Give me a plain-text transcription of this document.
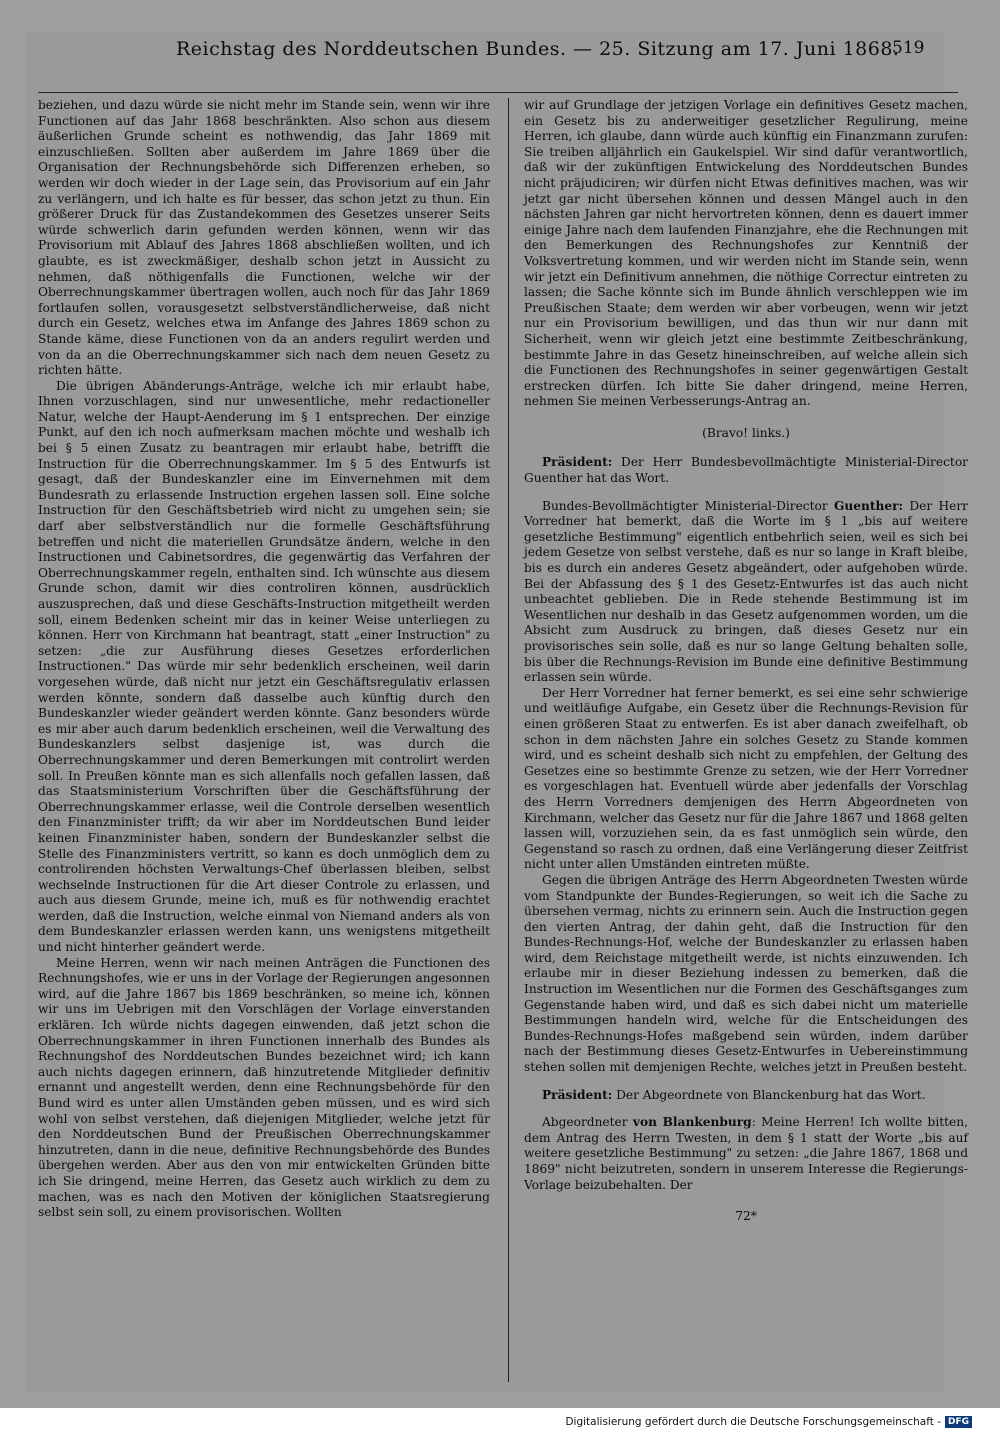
Reichstag des Norddeutschen Bundes. — 25. Sitzung am 17. Juni 1868.
519

beziehen, und dazu würde sie nicht mehr im Stande sein, wenn wir ihre Functionen auf das Jahr 1868 beschränkten. Also schon aus diesem äußerlichen Grunde scheint es nothwendig, das Jahr 1869 mit einzuschließen. Sollten aber außerdem im Jahre 1869 über die Organisation der Rechnungsbehörde sich Differenzen erheben, so werden wir doch wieder in der Lage sein, das Provisorium auf ein Jahr zu verlängern, und ich halte es für besser, das schon jetzt zu thun. Ein größerer Druck für das Zustandekommen des Gesetzes unserer Seits würde schwerlich darin gefunden werden können, wenn wir das Provisorium mit Ablauf des Jahres 1868 abschließen wollten, und ich glaubte, es ist zweckmäßiger, deshalb schon jetzt in Aussicht zu nehmen, daß nöthigenfalls die Functionen, welche wir der Oberrechnungskammer übertragen wollen, auch noch für das Jahr 1869 fortlaufen sollen, vorausgesetzt selbstverständlicherweise, daß nicht durch ein Gesetz, welches etwa im Anfange des Jahres 1869 schon zu Stande käme, diese Functionen von da an anders regulirt werden und von da an die Oberrechnungskammer sich nach dem neuen Gesetz zu richten hätte.

Die übrigen Abänderungs-Anträge, welche ich mir erlaubt habe, Ihnen vorzuschlagen, sind nur unwesentliche, mehr redactioneller Natur, welche der Haupt-Aenderung im § 1 entsprechen. Der einzige Punkt, auf den ich noch aufmerksam machen möchte und weshalb ich bei § 5 einen Zusatz zu beantragen mir erlaubt habe, betrifft die Instruction für die Oberrechnungskammer. Im § 5 des Entwurfs ist gesagt, daß der Bundeskanzler eine im Einvernehmen mit dem Bundesrath zu erlassende Instruction ergehen lassen soll. Eine solche Instruction für den Geschäftsbetrieb wird nicht zu umgehen sein; sie darf aber selbstverständlich nur die formelle Geschäftsführung betreffen und nicht die materiellen Grundsätze ändern, welche in den Instructionen und Cabinetsordres, die gegenwärtig das Verfahren der Oberrechnungskammer regeln, enthalten sind. Ich wünschte aus diesem Grunde schon, damit wir dies controliren können, ausdrücklich auszusprechen, daß und diese Geschäfts-Instruction mitgetheilt werden soll, einem Bedenken scheint mir das in keiner Weise unterliegen zu können. Herr von Kirchmann hat beantragt, statt „einer Instruction" zu setzen: „die zur Ausführung dieses Gesetzes erforderlichen Instructionen." Das würde mir sehr bedenklich erscheinen, weil darin vorgesehen würde, daß nicht nur jetzt ein Geschäftsregulativ erlassen werden könnte, sondern daß dasselbe auch künftig durch den Bundeskanzler wieder geändert werden könnte. Ganz besonders würde es mir aber auch darum bedenklich erscheinen, weil die Verwaltung des Bundeskanzlers selbst dasjenige ist, was durch die Oberrechnungskammer und deren Bemerkungen mit controlirt werden soll. In Preußen könnte man es sich allenfalls noch gefallen lassen, daß das Staatsministerium Vorschriften über die Geschäftsführung der Oberrechnungskammer erlasse, weil die Controle derselben wesentlich den Finanzminister trifft; da wir aber im Norddeutschen Bund leider keinen Finanzminister haben, sondern der Bundeskanzler selbst die Stelle des Finanzministers vertritt, so kann es doch unmöglich dem zu controlirenden höchsten Verwaltungs-Chef überlassen bleiben, selbst wechselnde Instructionen für die Art dieser Controle zu erlassen, und auch aus diesem Grunde, meine ich, muß es für nothwendig erachtet werden, daß die Instruction, welche einmal von Niemand anders als von dem Bundeskanzler erlassen werden kann, uns wenigstens mitgetheilt und nicht hinterher geändert werde.

Meine Herren, wenn wir nach meinen Anträgen die Functionen des Rechnungshofes, wie er uns in der Vorlage der Regierungen angesonnen wird, auf die Jahre 1867 bis 1869 beschränken, so meine ich, können wir uns im Uebrigen mit den Vorschlägen der Vorlage einverstanden erklären. Ich würde nichts dagegen einwenden, daß jetzt schon die Oberrechnungskammer in ihren Functionen innerhalb des Bundes als Rechnungshof des Norddeutschen Bundes bezeichnet wird; ich kann auch nichts dagegen erinnern, daß hinzutretende Mitglieder definitiv ernannt und angestellt werden, denn eine Rechnungsbehörde für den Bund wird es unter allen Umständen geben müssen, und es wird sich wohl von selbst verstehen, daß diejenigen Mitglieder, welche jetzt für den Norddeutschen Bund der Preußischen Oberrechnungskammer hinzutreten, dann in die neue, definitive Rechnungsbehörde des Bundes übergehen werden. Aber aus den von mir entwickelten Gründen bitte ich Sie dringend, meine Herren, das Gesetz auch wirklich zu dem zu machen, was es nach den Motiven der königlichen Staatsregierung selbst sein soll, zu einem provisorischen. Wollten

wir auf Grundlage der jetzigen Vorlage ein definitives Gesetz machen, ein Gesetz bis zu anderweitiger gesetzlicher Regulirung, meine Herren, ich glaube, dann würde auch künftig ein Finanzmann zurufen: Sie treiben alljährlich ein Gaukelspiel. Wir sind dafür verantwortlich, daß wir der zukünftigen Entwickelung des Norddeutschen Bundes nicht präjudiciren; wir dürfen nicht Etwas definitives machen, was wir jetzt gar nicht übersehen können und dessen Mängel auch in den nächsten Jahren gar nicht hervortreten können, denn es dauert immer einige Jahre nach dem laufenden Finanzjahre, ehe die Rechnungen mit den Bemerkungen des Rechnungshofes zur Kenntniß der Volksvertretung kommen, und wir werden nicht im Stande sein, wenn wir jetzt ein Definitivum annehmen, die nöthige Correctur eintreten zu lassen; die Sache könnte sich im Bunde ähnlich verschleppen wie im Preußischen Staate; dem werden wir aber vorbeugen, wenn wir jetzt nur ein Provisorium bewilligen, und das thun wir nur dann mit Sicherheit, wenn wir gleich jetzt eine bestimmte Zeitbeschränkung, bestimmte Jahre in das Gesetz hineinschreiben, auf welche allein sich die Functionen des Rechnungshofes in seiner gegenwärtigen Gestalt erstrecken dürfen. Ich bitte Sie daher dringend, meine Herren, nehmen Sie meinen Verbesserungs-Antrag an.

(Bravo! links.)

Präsident: Der Herr Bundesbevollmächtigte Ministerial-Director Guenther hat das Wort.

Bundes-Bevollmächtigter Ministerial-Director Guenther: Der Herr Vorredner hat bemerkt, daß die Worte im § 1 „bis auf weitere gesetzliche Bestimmung" eigentlich entbehrlich seien, weil es sich bei jedem Gesetze von selbst verstehe, daß es nur so lange in Kraft bleibe, bis es durch ein anderes Gesetz abgeändert, oder aufgehoben würde. Bei der Abfassung des § 1 des Gesetz-Entwurfes ist das auch nicht unbeachtet geblieben. Die in Rede stehende Bestimmung ist im Wesentlichen nur deshalb in das Gesetz aufgenommen worden, um die Absicht zum Ausdruck zu bringen, daß dieses Gesetz nur ein provisorisches sein solle, daß es nur so lange Geltung behalten solle, bis über die Rechnungs-Revision im Bunde eine definitive Bestimmung erlassen sein würde.

Der Herr Vorredner hat ferner bemerkt, es sei eine sehr schwierige und weitläufige Aufgabe, ein Gesetz über die Rechnungs-Revision für einen größeren Staat zu entwerfen. Es ist aber danach zweifelhaft, ob schon in dem nächsten Jahre ein solches Gesetz zu Stande kommen wird, und es scheint deshalb sich nicht zu empfehlen, der Geltung des Gesetzes eine so bestimmte Grenze zu setzen, wie der Herr Vorredner es vorgeschlagen hat. Eventuell würde aber jedenfalls der Vorschlag des Herrn Vorredners demjenigen des Herrn Abgeordneten von Kirchmann, welcher das Gesetz nur für die Jahre 1867 und 1868 gelten lassen will, vorzuziehen sein, da es fast unmöglich sein würde, den Gegenstand so rasch zu ordnen, daß eine Verlängerung dieser Zeitfrist nicht unter allen Umständen eintreten müßte.

Gegen die übrigen Anträge des Herrn Abgeordneten Twesten würde vom Standpunkte der Bundes-Regierungen, so weit ich die Sache zu übersehen vermag, nichts zu erinnern sein. Auch die Instruction gegen den vierten Antrag, der dahin geht, daß die Instruction für den Bundes-Rechnungs-Hof, welche der Bundeskanzler zu erlassen haben wird, dem Reichstage mitgetheilt werde, ist nichts einzuwenden. Ich erlaube mir in dieser Beziehung indessen zu bemerken, daß die Instruction im Wesentlichen nur die Formen des Geschäftsganges zum Gegenstande haben wird, und daß es sich dabei nicht um materielle Bestimmungen handeln wird, welche für die Entscheidungen des Bundes-Rechnungs-Hofes maßgebend sein würden, indem darüber nach der Bestimmung dieses Gesetz-Entwurfes in Uebereinstimmung stehen sollen mit demjenigen Rechte, welches jetzt in Preußen besteht.

Präsident: Der Abgeordnete von Blanckenburg hat das Wort.

Abgeordneter von Blankenburg: Meine Herren! Ich wollte bitten, dem Antrag des Herrn Twesten, in dem § 1 statt der Worte „bis auf weitere gesetzliche Bestimmung" zu setzen: „die Jahre 1867, 1868 und 1869" nicht beizutreten, sondern in unserem Interesse die Regierungs-Vorlage beizubehalten. Der

72*

Digitalisierung gefördert durch die Deutsche Forschungsgemeinschaft - DFG
